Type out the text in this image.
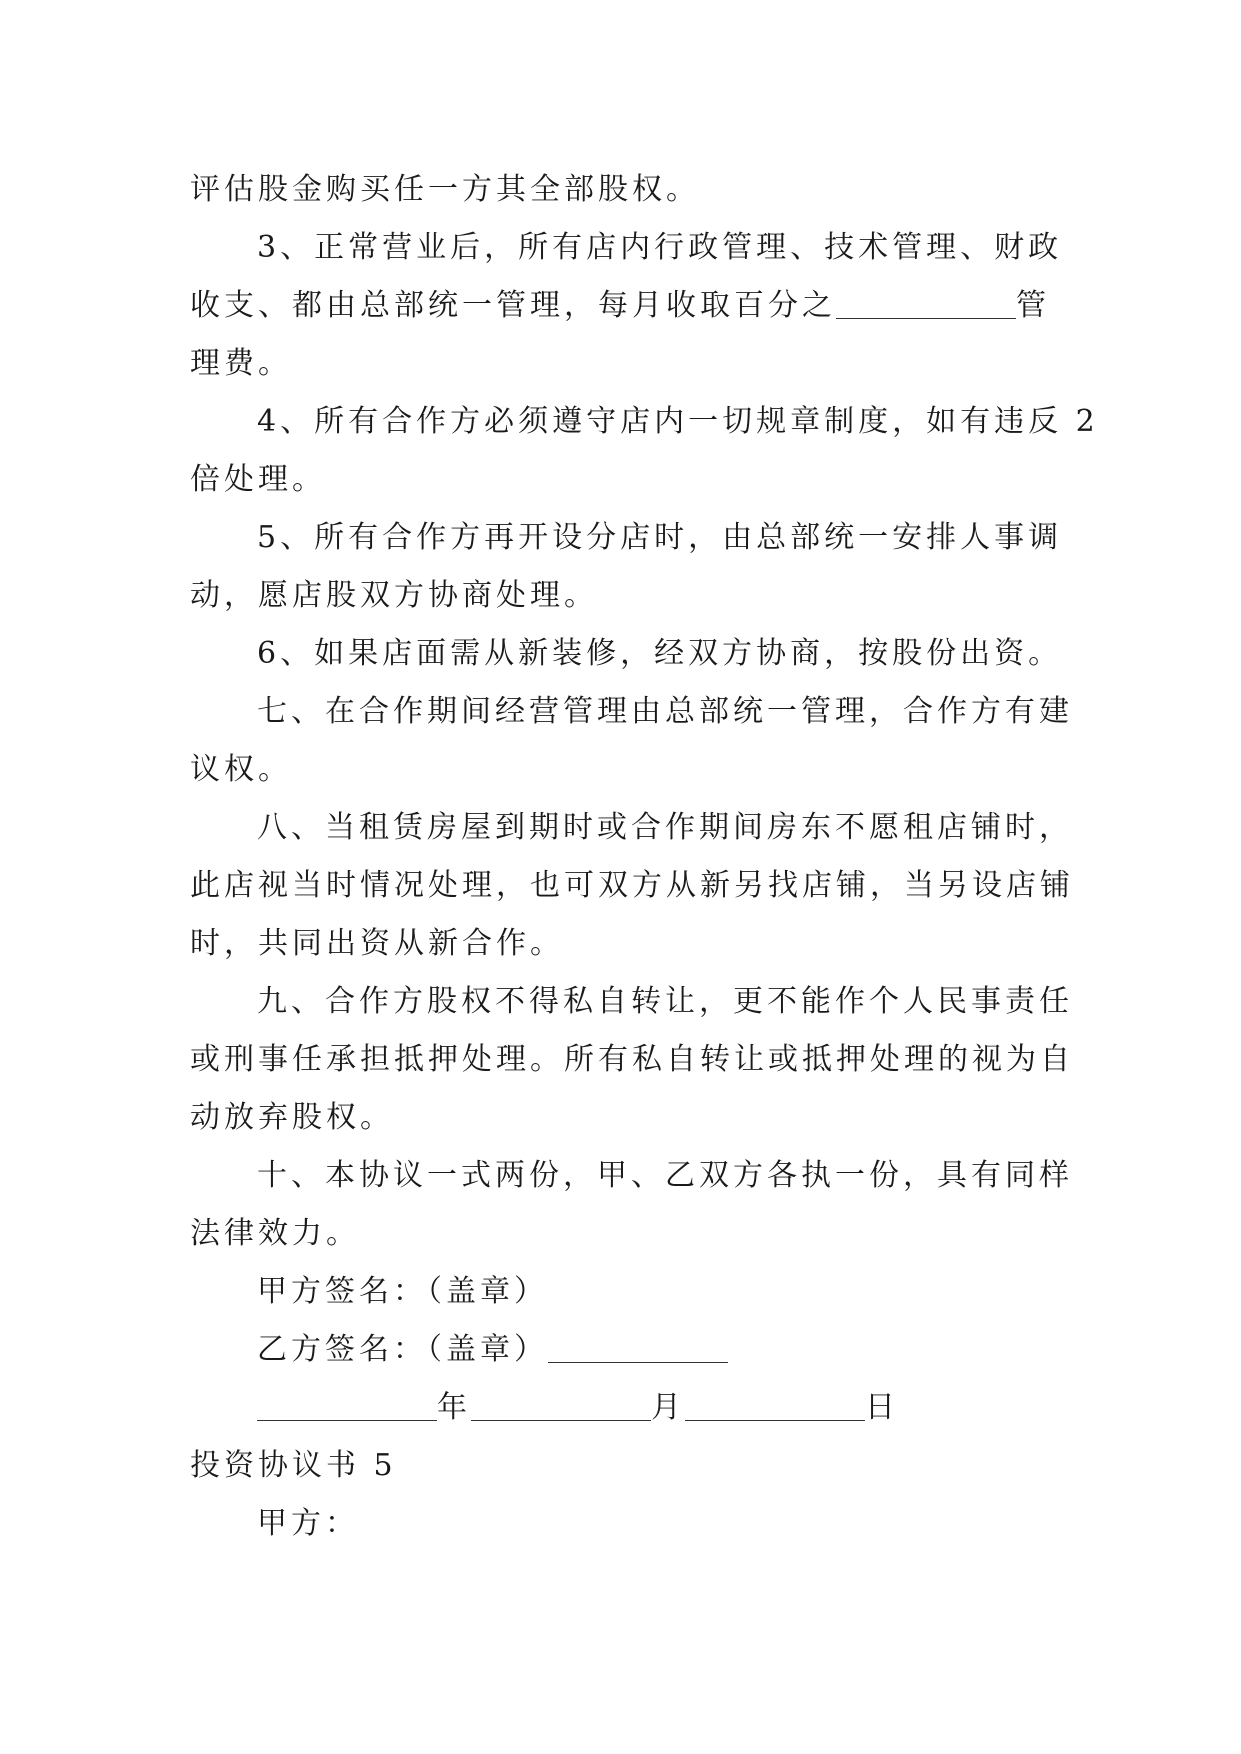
评估股金购买任一方其全部股权。
3、正常营业后，所有店内行政管理、技术管理、财政
收支、都由总部统一管理，每月收取百分之	管
理费。
4、所有合作方必须遵守店内一切规章制度，如有违反 2
倍处理。
5、所有合作方再开设分店时，由总部统一安排人事调
动，愿店股双方协商处理。
6、如果店面需从新装修，经双方协商，按股份出资。
七、在合作期间经营管理由总部统一管理，合作方有建
议权。
八、当租赁房屋到期时或合作期间房东不愿租店铺时，
此店视当时情况处理，也可双方从新另找店铺，当另设店铺
时，共同出资从新合作。
九、合作方股权不得私自转让，更不能作个人民事责任
或刑事任承担抵押处理。所有私自转让或抵押处理的视为自
动放弃股权。
十、本协议一式两份，甲、乙双方各执一份，具有同样
法律效力。
甲方签名：（盖章）
乙方签名：（盖章）
年	月	日
投资协议书 5
甲方：
